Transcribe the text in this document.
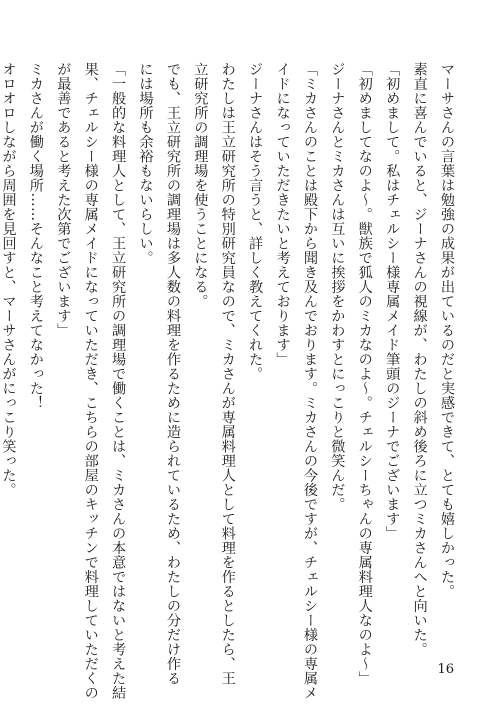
マーサさんの言葉は勉強の成果が出ているのだと実感できて、とても嬉しかった。
素直に喜んでいると、ジーナさんの視線が、わたしの斜め後ろに立つミカさんへと向いた。
「初めまして。私はチェルシー様専属メイド筆頭のジーナでございます」
「初めましてなのよ〜。獣族で狐人のミカなのよ〜。チェルシーちゃんの専属料理人なのよ〜」
ジーナさんとミカさんは互いに挨拶をかわすとにっこりと微笑んだ。
「ミカさんのことは殿下から聞き及んでおります。ミカさんの今後ですが、チェルシー様の専属メ
イドになっていただきたいと考えております」
ジーナさんはそう言うと、詳しく教えてくれた。
わたしは王立研究所の特別研究員なので、ミカさんが専属料理人として料理を作るとしたら、王
立研究所の調理場を使うことになる。
でも、王立研究所の調理場は多人数の料理を作るために造られているため、わたしの分だけ作る
には場所も余裕もないらしい。
「一般的な料理人として、王立研究所の調理場で働くことは、ミカさんの本意ではないと考えた結
果、チェルシー様の専属メイドになっていただき、こちらの部屋のキッチンで料理していただくの
が最善であると考えた次第でございます」
ミカさんが働く場所……そんなこと考えてなかった！
オロオロしながら周囲を見回すと、マーサさんがにっこり笑った。
16
